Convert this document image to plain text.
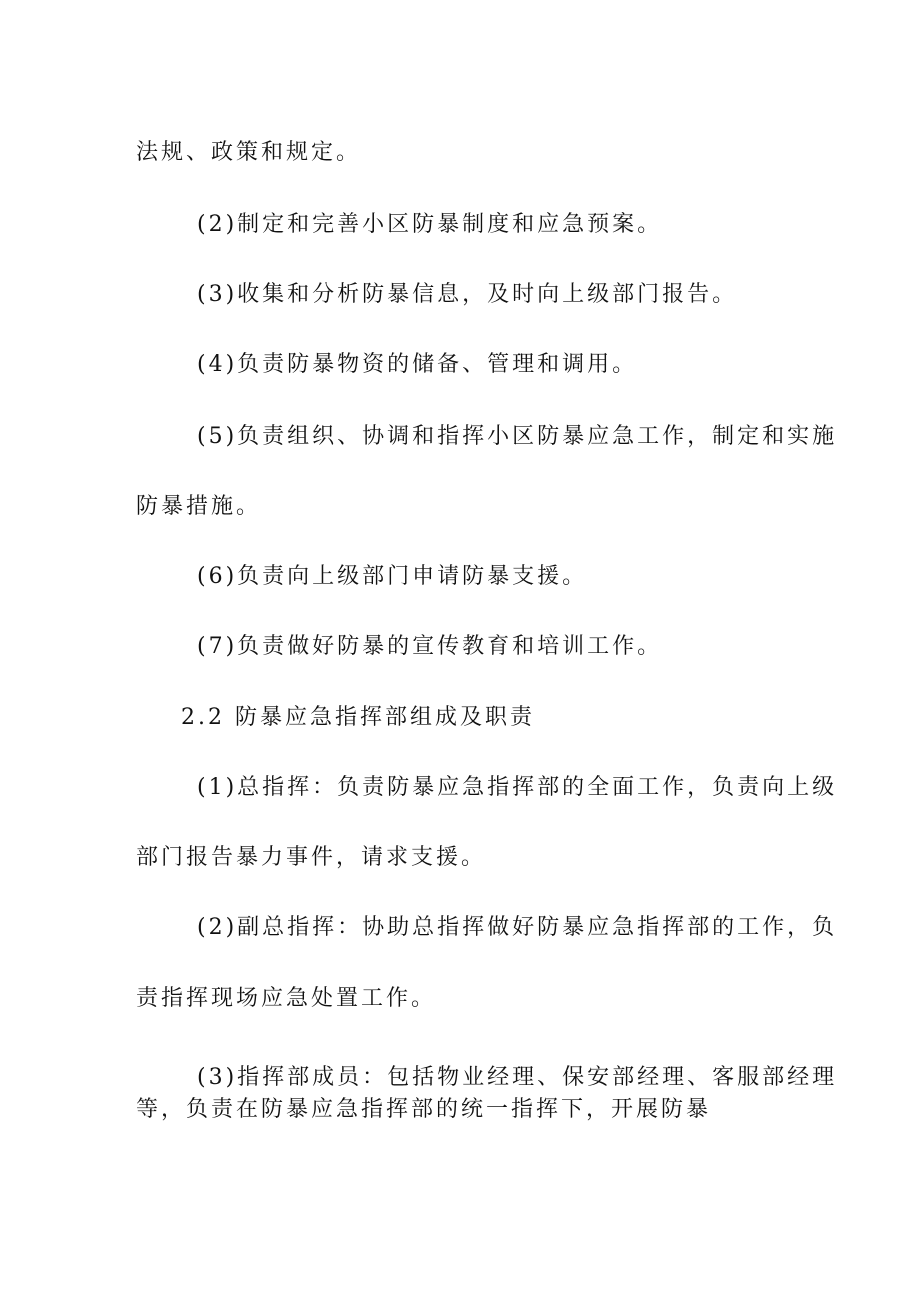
法规、政策和规定。
(2)制定和完善小区防暴制度和应急预案。
(3)收集和分析防暴信息，及时向上级部门报告。
(4)负责防暴物资的储备、管理和调用。
(5)负责组织、协调和指挥小区防暴应急工作，制定和实施
防暴措施。
(6)负责向上级部门申请防暴支援。
(7)负责做好防暴的宣传教育和培训工作。
2.2 防暴应急指挥部组成及职责
(1)总指挥：负责防暴应急指挥部的全面工作，负责向上级
部门报告暴力事件，请求支援。
(2)副总指挥：协助总指挥做好防暴应急指挥部的工作，负
责指挥现场应急处置工作。
(3)指挥部成员：包括物业经理、保安部经理、客服部经理
等，负责在防暴应急指挥部的统一指挥下，开展防暴
